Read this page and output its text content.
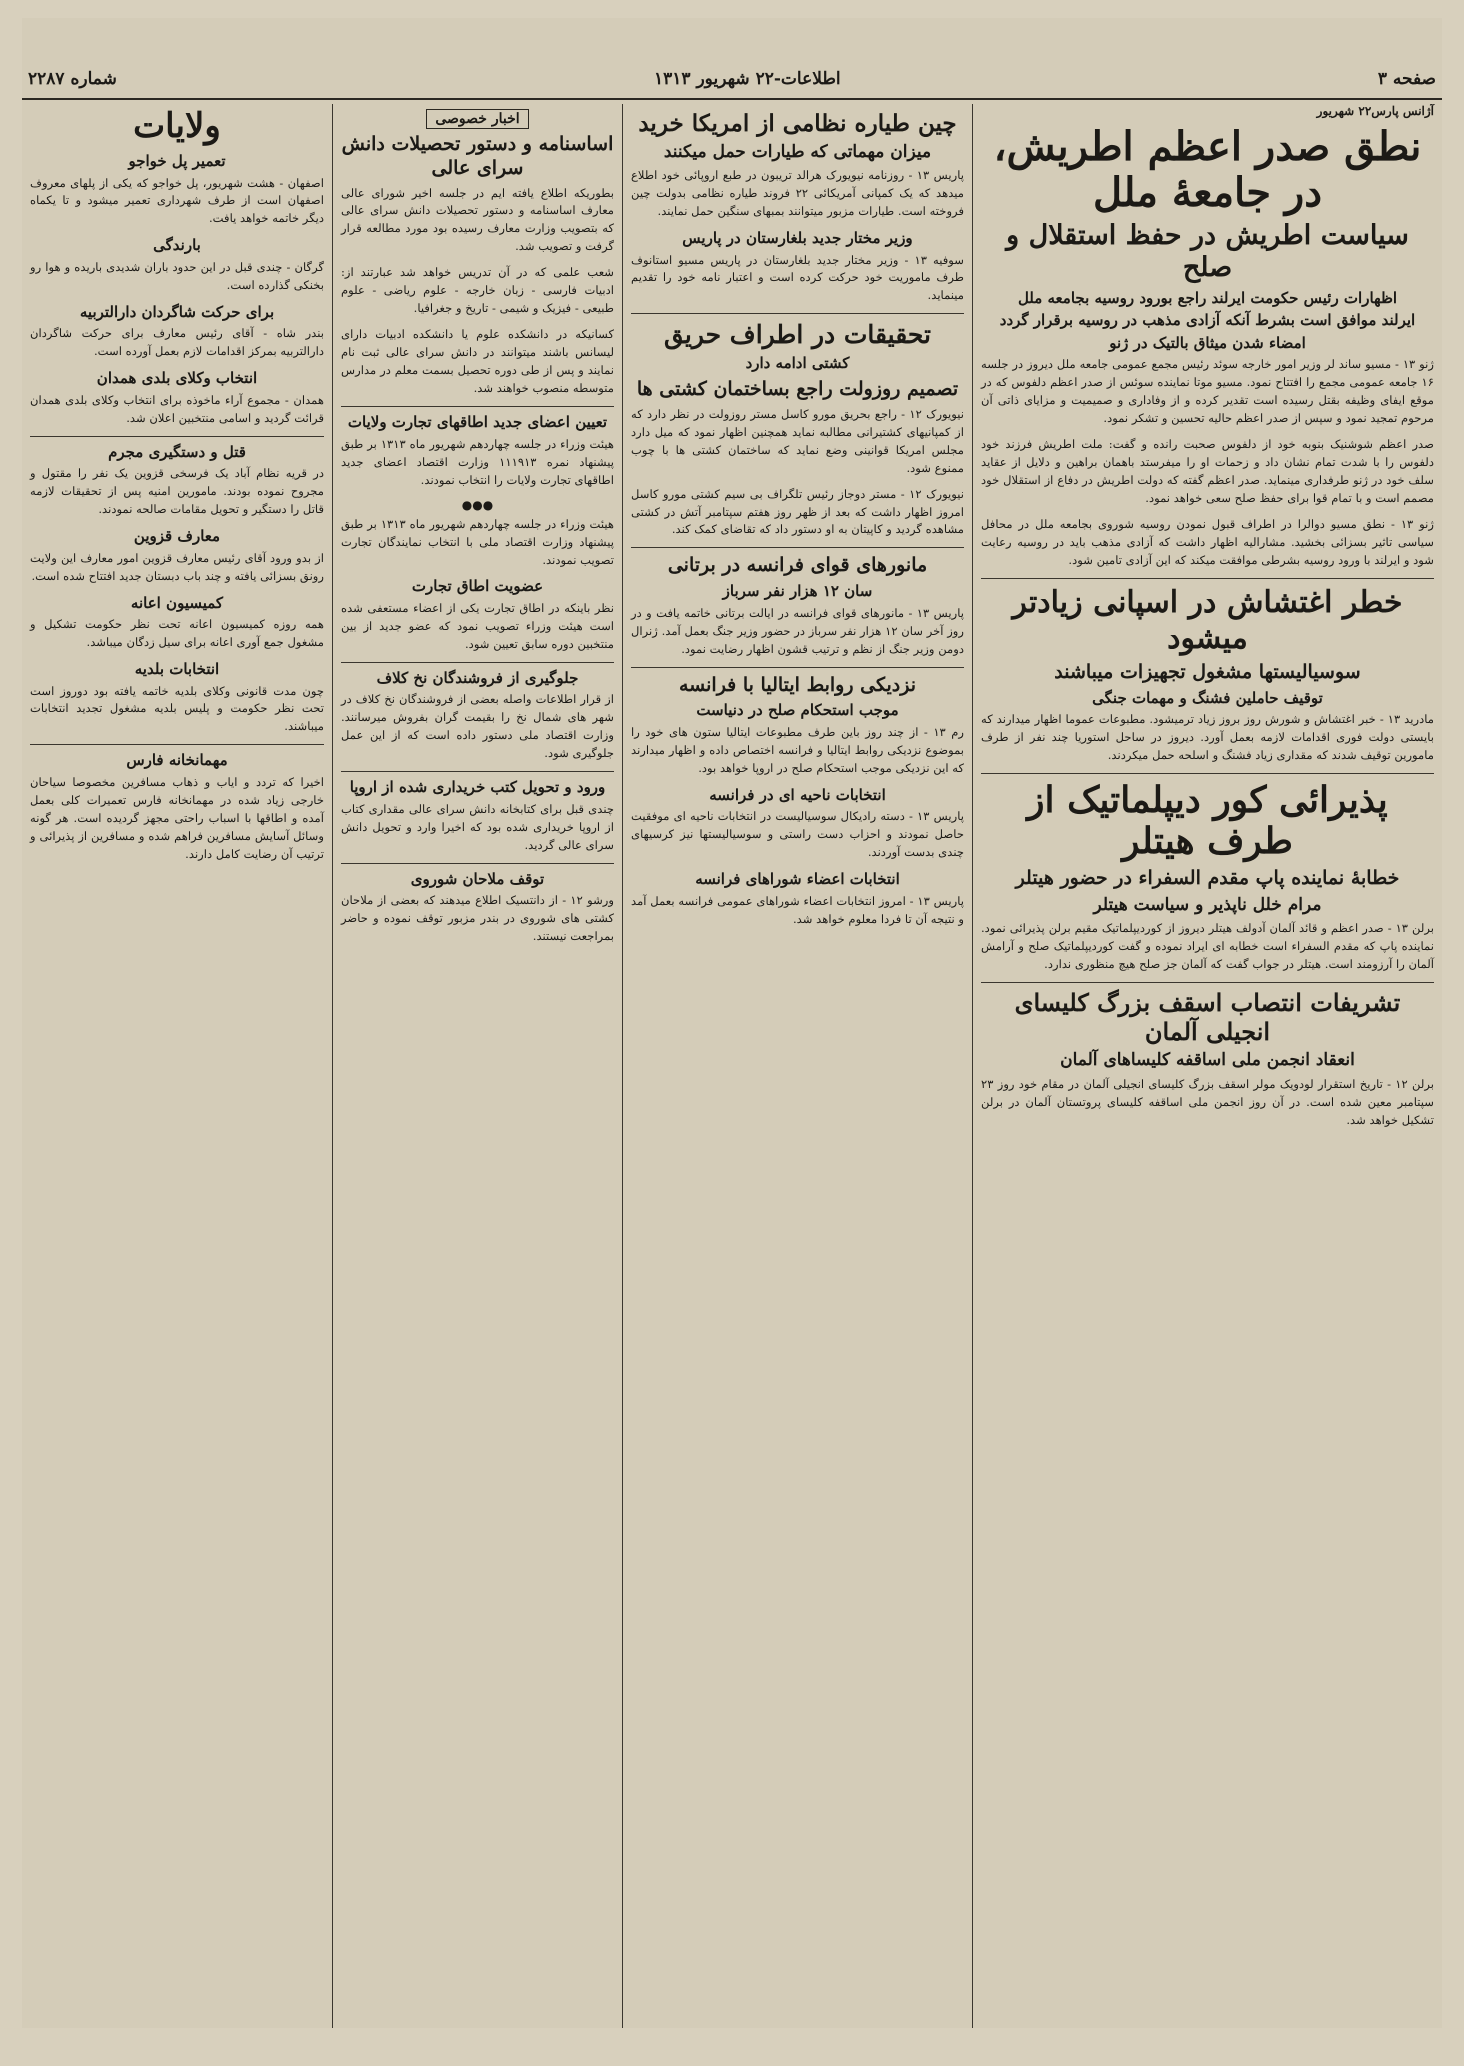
صفحه ۳
اطلاعات-۲۲ شهریور ۱۳۱۳
شماره ۲۲۸۷
آژانس پارس۲۲ شهریور
نطق صدر اعظم اطریش، در جامعهٔ ملل
سیاست اطریش در حفظ استقلال و صلح
اظهارات رئیس حکومت ایرلند راجع بورود روسیه بجامعه ملل
ایرلند موافق است بشرط آنکه آزادی مذهب در روسیه برقرار گردد
امضاء شدن میثاق بالتیک در ژنو
ژنو ۱۳ - مسیو ساند لر وزیر امور خارجه سوئد رئیس مجمع عمومی جامعه ملل دیروز در جلسه ۱۶ جامعه عمومی مجمع را افتتاح نمود. مسیو موتا نماینده سوئس از صدر اعظم دلفوس که در موقع ایفای وظیفه بقتل رسیده است تقدیر کرده و از وفاداری و صمیمیت و مزایای ذاتی آن مرحوم تمجید نمود و سپس از صدر اعظم حالیه تحسین و تشکر نمود.
صدر اعظم شوشنیک بنوبه خود از دلفوس صحبت رانده و گفت: ملت اطریش فرزند خود دلفوس را با شدت تمام نشان داد و زحمات او را میفرستد باهمان براهین و دلایل از عقاید سلف خود در ژنو طرفداری مینماید. صدر اعظم گفته که دولت اطریش در دفاع از استقلال خود مصمم است و با تمام قوا برای حفظ صلح سعی خواهد نمود.
ژنو ۱۳ - نطق مسیو دوالرا در اطراف قبول نمودن روسیه شوروی بجامعه ملل در محافل سیاسی تاثیر بسزائی بخشید. مشارالیه اظهار داشت که آزادی مذهب باید در روسیه رعایت شود و ایرلند با ورود روسیه بشرطی موافقت میکند که این آزادی تامین شود.
خطر اغتشاش در اسپانی زیادتر میشود
سوسیالیستها مشغول تجهیزات میباشند
توقیف حاملین فشنگ و مهمات جنگی
مادرید ۱۳ - خبر اغتشاش و شورش روز بروز زیاد ترمیشود. مطبوعات عموما اظهار میدارند که بایستی دولت فوری اقدامات لازمه بعمل آورد. دیروز در ساحل استوریا چند نفر از طرف مامورین توقیف شدند که مقداری زیاد فشنگ و اسلحه حمل میکردند.
پذیرائی کور دیپلماتیک از طرف هیتلر
خطابهٔ نماینده پاپ مقدم السفراء در حضور هیتلر
مرام خلل ناپذیر و سیاست هیتلر
برلن ۱۳ - صدر اعظم و قائد آلمان آدولف هیتلر دیروز از کوردیپلماتیک مقیم برلن پذیرائی نمود. نماینده پاپ که مقدم السفراء است خطابه ای ایراد نموده و گفت کوردیپلماتیک صلح و آرامش آلمان را آرزومند است. هیتلر در جواب گفت که آلمان جز صلح هیچ منظوری ندارد.
تشریفات انتصاب اسقف بزرگ کلیسای انجیلی آلمان
انعقاد انجمن ملی اساقفه کلیساهای آلمان
برلن ۱۲ - تاریخ استقرار لودویک مولر اسقف بزرگ کلیسای انجیلی آلمان در مقام خود روز ۲۳ سپتامبر معین شده است. در آن روز انجمن ملی اساقفه کلیسای پروتستان آلمان در برلن تشکیل خواهد شد.
چین طیاره نظامی از امریکا خرید
میزان مهماتی که طیارات حمل میکنند
پاریس ۱۳ - روزنامه نیویورک هرالد تریبون در طبع اروپائی خود اطلاع میدهد که یک کمپانی آمریکائی ۲۲ فروند طیاره نظامی بدولت چین فروخته است. طیارات مزبور میتوانند بمبهای سنگین حمل نمایند.
وزیر مختار جدید بلغارستان در پاریس
سوفیه ۱۳ - وزیر مختار جدید بلغارستان در پاریس مسیو استانوف طرف ماموریت خود حرکت کرده است و اعتبار نامه خود را تقدیم مینماید.
تحقیقات در اطراف حریق
کشتی ادامه دارد
تصمیم روزولت راجع بساختمان کشتی ها
نیویورک ۱۲ - راجع بحریق مورو کاسل مستر روزولت در نظر دارد که از کمپانیهای کشتیرانی مطالبه نماید همچنین اظهار نمود که میل دارد مجلس امریکا قوانینی وضع نماید که ساختمان کشتی ها با چوب ممنوع شود.
نیویورک ۱۲ - مستر دوجاز رئیس تلگراف بی سیم کشتی مورو کاسل امروز اظهار داشت که بعد از ظهر روز هفتم سپتامبر آتش در کشتی مشاهده گردید و کاپیتان به او دستور داد که تقاضای کمک کند.
مانورهای قوای فرانسه در برتانی
سان ۱۲ هزار نفر سرباز
پاریس ۱۳ - مانورهای قوای فرانسه در ایالت برتانی خاتمه یافت و در روز آخر سان ۱۲ هزار نفر سرباز در حضور وزیر جنگ بعمل آمد. ژنرال دومن وزیر جنگ از نظم و ترتیب قشون اظهار رضایت نمود.
نزدیکی روابط ایتالیا با فرانسه
موجب استحکام صلح در دنیاست
رم ۱۳ - از چند روز باین طرف مطبوعات ایتالیا ستون های خود را بموضوع نزدیکی روابط ایتالیا و فرانسه اختصاص داده و اظهار میدارند که این نزدیکی موجب استحکام صلح در اروپا خواهد بود.
انتخابات ناحیه ای در فرانسه
پاریس ۱۳ - دسته رادیکال سوسیالیست در انتخابات ناحیه ای موفقیت حاصل نمودند و احزاب دست راستی و سوسیالیستها نیز کرسیهای چندی بدست آوردند.
انتخابات اعضاء شوراهای فرانسه
پاریس ۱۳ - امروز انتخابات اعضاء شوراهای عمومی فرانسه بعمل آمد و نتیجه آن تا فردا معلوم خواهد شد.
اخبار خصوصی
اساسنامه و دستور تحصیلات دانش سرای عالی
بطوریکه اطلاع یافته ایم در جلسه اخیر شورای عالی معارف اساسنامه و دستور تحصیلات دانش سرای عالی که بتصویب وزارت معارف رسیده بود مورد مطالعه قرار گرفت و تصویب شد.
شعب علمی که در آن تدریس خواهد شد عبارتند از: ادبیات فارسی - زبان خارجه - علوم ریاضی - علوم طبیعی - فیزیک و شیمی - تاریخ و جغرافیا.
کسانیکه در دانشکده علوم یا دانشکده ادبیات دارای لیسانس باشند میتوانند در دانش سرای عالی ثبت نام نمایند و پس از طی دوره تحصیل بسمت معلم در مدارس متوسطه منصوب خواهند شد.
تعیین اعضای جدید اطاقهای تجارت ولایات
هیئت وزراء در جلسه چهاردهم شهریور ماه ۱۳۱۳ بر طبق پیشنهاد نمره ۱۱۱۹۱۳ وزارت اقتصاد اعضای جدید اطاقهای تجارت ولایات را انتخاب نمودند.
●●●
هیئت وزراء در جلسه چهاردهم شهریور ماه ۱۳۱۳ بر طبق پیشنهاد وزارت اقتصاد ملی با انتخاب نمایندگان تجارت تصویب نمودند.
عضویت اطاق تجارت
نظر باینکه در اطاق تجارت یکی از اعضاء مستعفی شده است هیئت وزراء تصویب نمود که عضو جدید از بین منتخبین دوره سابق تعیین شود.
جلوگیری از فروشندگان نخ کلاف
از قرار اطلاعات واصله بعضی از فروشندگان نخ کلاف در شهر های شمال نخ را بقیمت گران بفروش میرسانند. وزارت اقتصاد ملی دستور داده است که از این عمل جلوگیری شود.
ورود و تحویل کتب خریداری شده از اروپا
چندی قبل برای کتابخانه دانش سرای عالی مقداری کتاب از اروپا خریداری شده بود که اخیرا وارد و تحویل دانش سرای عالی گردید.
توقف ملاحان شوروی
ورشو ۱۲ - از دانتسیک اطلاع میدهند که بعضی از ملاحان کشتی های شوروی در بندر مزبور توقف نموده و حاضر بمراجعت نیستند.
ولایات
تعمیر پل خواجو
اصفهان - هشت شهریور، پل خواجو که یکی از پلهای معروف اصفهان است از طرف شهرداری تعمیر میشود و تا یکماه دیگر خاتمه خواهد یافت.
بارندگی
گرگان - چندی قبل در این حدود باران شدیدی باریده و هوا رو بخنکی گذارده است.
برای حرکت شاگردان دارالتربیه
بندر شاه - آقای رئیس معارف برای حرکت شاگردان دارالتربیه بمرکز اقدامات لازم بعمل آورده است.
انتخاب وکلای بلدی همدان
همدان - مجموع آراء ماخوذه برای انتخاب وکلای بلدی همدان قرائت گردید و اسامی منتخبین اعلان شد.
قتل و دستگیری مجرم
در قریه نظام آباد یک فرسخی قزوین یک نفر را مقتول و مجروح نموده بودند. مامورین امنیه پس از تحقیقات لازمه قاتل را دستگیر و تحویل مقامات صالحه نمودند.
معارف قزوین
از بدو ورود آقای رئیس معارف قزوین امور معارف این ولایت رونق بسزائی یافته و چند باب دبستان جدید افتتاح شده است.
کمیسیون اعانه
همه روزه کمیسیون اعانه تحت نظر حکومت تشکیل و مشغول جمع آوری اعانه برای سیل زدگان میباشد.
انتخابات بلدیه
چون مدت قانونی وکلای بلدیه خاتمه یافته بود دوروز است تحت نظر حکومت و پلیس بلدیه مشغول تجدید انتخابات میباشند.
مهمانخانه فارس
اخیرا که تردد و ایاب و ذهاب مسافرین مخصوصا سیاحان خارجی زیاد شده در مهمانخانه فارس تعمیرات کلی بعمل آمده و اطاقها با اسباب راحتی مجهز گردیده است. هر گونه وسائل آسایش مسافرین فراهم شده و مسافرین از پذیرائی و ترتیب آن رضایت کامل دارند.
